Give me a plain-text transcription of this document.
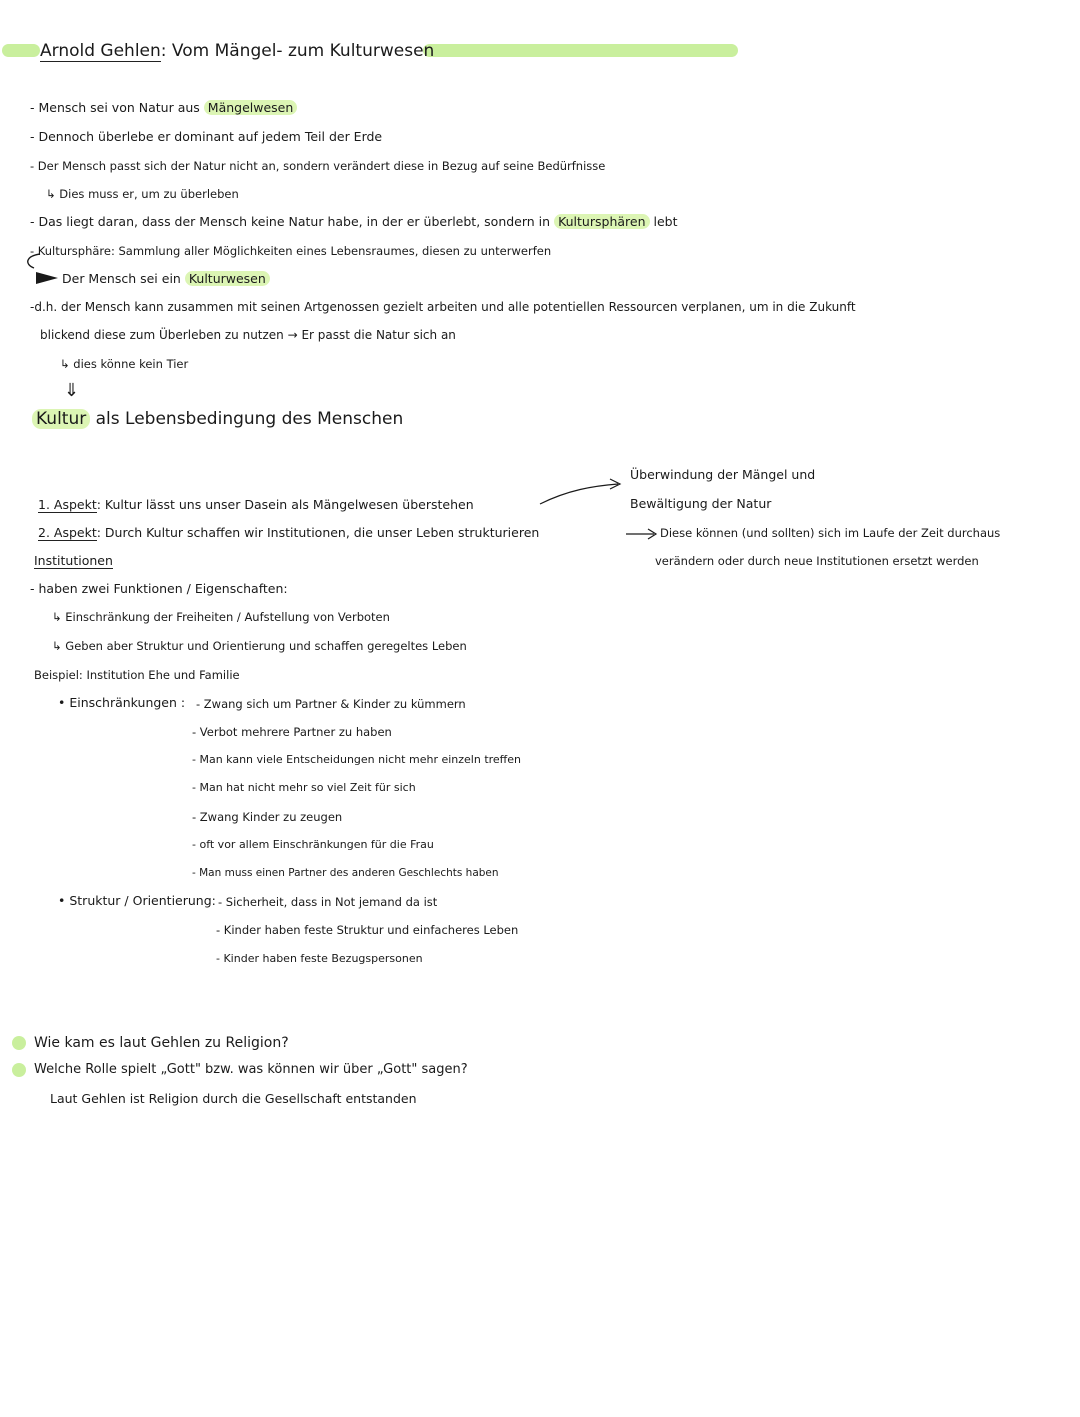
Arnold Gehlen: Vom Mängel- zum Kulturwesen
- Mensch sei von Natur aus Mängelwesen
- Dennoch überlebe er dominant auf jedem Teil der Erde
- Der Mensch passt sich der Natur nicht an, sondern verändert diese in Bezug auf seine Bedürfnisse
↳ Dies muss er, um zu überleben
- Das liegt daran, dass der Mensch keine Natur habe, in der er überlebt, sondern in Kultursphären lebt
- Kultursphäre: Sammlung aller Möglichkeiten eines Lebensraumes, diesen zu unterwerfen
Der Mensch sei ein Kulturwesen
-d.h. der Mensch kann zusammen mit seinen Artgenossen gezielt arbeiten und alle potentiellen Ressourcen verplanen, um in die Zukunft
blickend diese zum Überleben zu nutzen → Er passt die Natur sich an
↳ dies könne kein Tier
⇓
Kultur als Lebensbedingung des Menschen
Überwindung der Mängel und
Bewältigung der Natur
1. Aspekt: Kultur lässt uns unser Dasein als Mängelwesen überstehen
2. Aspekt: Durch Kultur schaffen wir Institutionen, die unser Leben strukturieren	Diese können (und sollten) sich im Laufe der Zeit durchaus
verändern oder durch neue Institutionen ersetzt werden
Institutionen
- haben zwei Funktionen / Eigenschaften:
↳ Einschränkung der Freiheiten / Aufstellung von Verboten
↳ Geben aber Struktur und Orientierung und schaffen geregeltes Leben
Beispiel: Institution Ehe und Familie
• Einschränkungen : - Zwang sich um Partner & Kinder zu kümmern
- Verbot mehrere Partner zu haben
- Man kann viele Entscheidungen nicht mehr einzeln treffen
- Man hat nicht mehr so viel Zeit für sich
- Zwang Kinder zu zeugen
- oft vor allem Einschränkungen für die Frau
- Man muss einen Partner des anderen Geschlechts haben
• Struktur / Orientierung: - Sicherheit, dass in Not jemand da ist
- Kinder haben feste Struktur und einfacheres Leben
- Kinder haben feste Bezugspersonen
Wie kam es laut Gehlen zu Religion?
Welche Rolle spielt „Gott" bzw. was können wir über „Gott" sagen?
Laut Gehlen ist Religion durch die Gesellschaft entstanden
